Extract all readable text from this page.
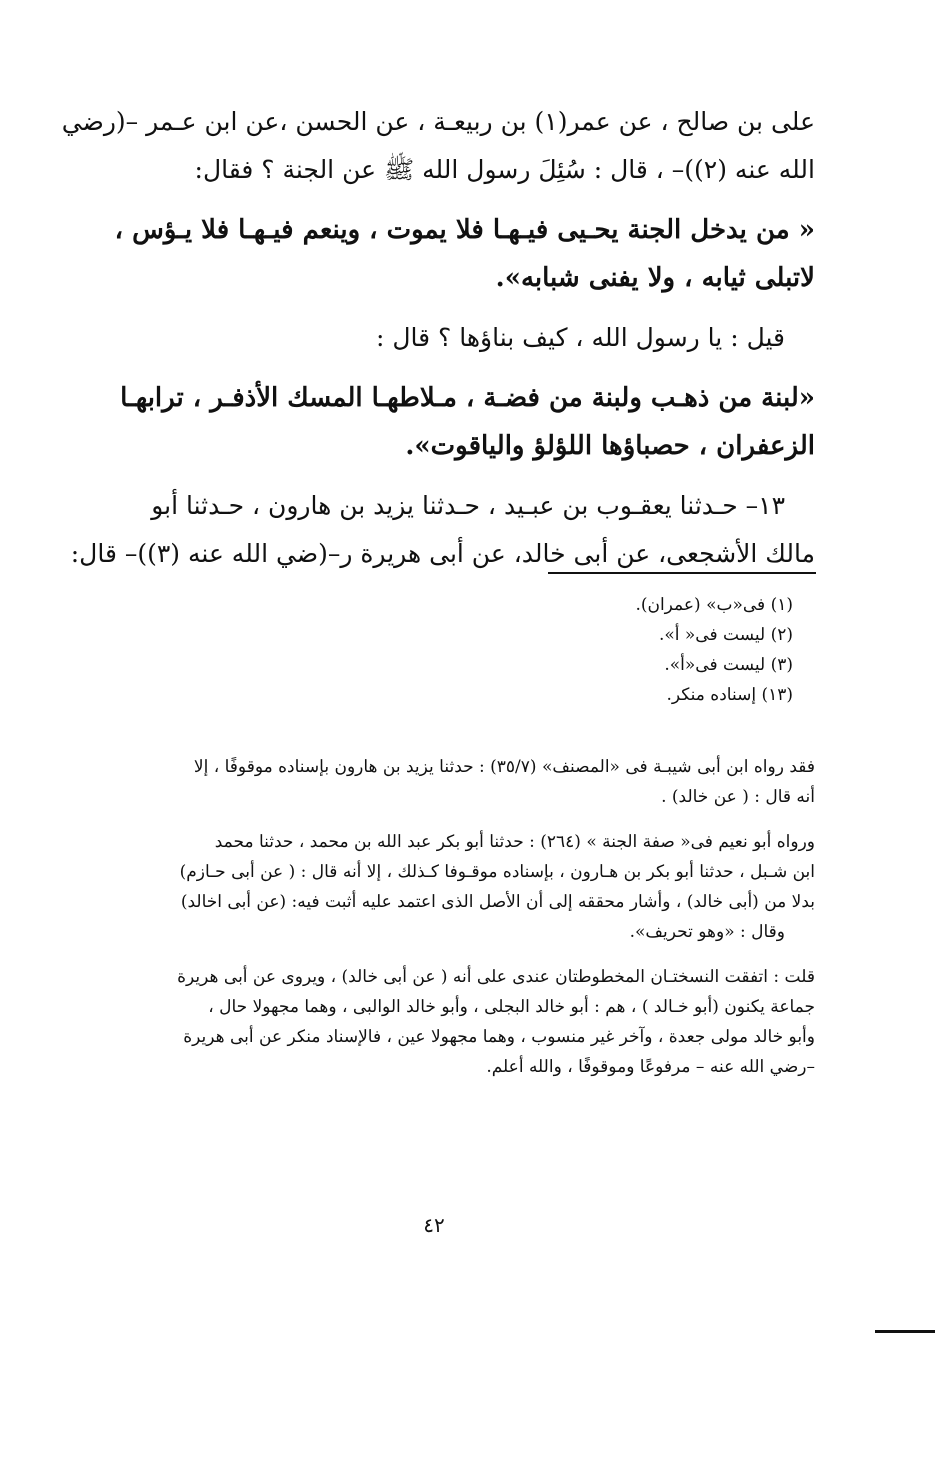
على بن صالح ، عن عمر(١) بن ربيعـة ، عن الحسن ،عن ابن عـمر –(رضي
الله عنه (٢))– ، قال : سُئِلَ رسول الله ﷺ عن الجنة ؟ فقال:
« من يدخل الجنة يحـيى فيـهـا فلا يموت ، وينعم فيـهـا فلا يـؤس ،
لاتبلى ثيابه ، ولا يفنى شبابه».
قيل : يا رسول الله ، كيف بناؤها ؟ قال :
«لبنة من ذهـب ولبنة من فضـة ، مـلاطهـا المسك الأذفـر ، ترابهـا
الزعفران ، حصباؤها اللؤلؤ والياقوت».
١٣– حـدثنا يعقـوب بن عبـيد ، حـدثنا يزيد بن هارون ، حـدثنا أبو
مالك الأشجعى، عن أبى خالد، عن أبى هريرة ر–(ضي الله عنه (٣))– قال:
(١) فى«ب» (عمران).
(٢) ليست فى« أ».
(٣) ليست فى«أ».
(١٣) إسناده منكر.
فقد رواه ابن أبى شيبـة فى «المصنف» (٣٥/٧) : حدثنا يزيد بن هارون بإسناده موقوفًا ، إلا
أنه قال : ( عن خالد) .
ورواه أبو نعيم فى« صفة الجنة » (٢٦٤) : حدثنا أبو بكر عبد الله بن محمد ، حدثنا محمد
ابن شـبل ، حدثنا أبو بكر بن هـارون ، بإسناده موقـوفا كـذلك ، إلا أنه قال : ( عن أبى حـازم)
بدلا من (أبى خالد) ، وأشار محققه إلى أن الأصل الذى اعتمد عليه أثبت فيه: (عن أبى اخالد)
وقال : «وهو تحريف».
قلت : اتفقت النسختـان المخطوطتان عندى على أنه ( عن أبى خالد) ، ويروى عن أبى هريرة
جماعة يكنون (أبو خـالد ) ، هم : أبو خالد البجلى ، وأبو خالد الوالبى ، وهما مجهولا حال ،
وأبو خالد مولى جعدة ، وآخر غير منسوب ، وهما مجهولا عين ، فالإسناد منكر عن أبى هريرة
–رضي الله عنه – مرفوعًا وموقوفًا ، والله أعلم.
٤٢
